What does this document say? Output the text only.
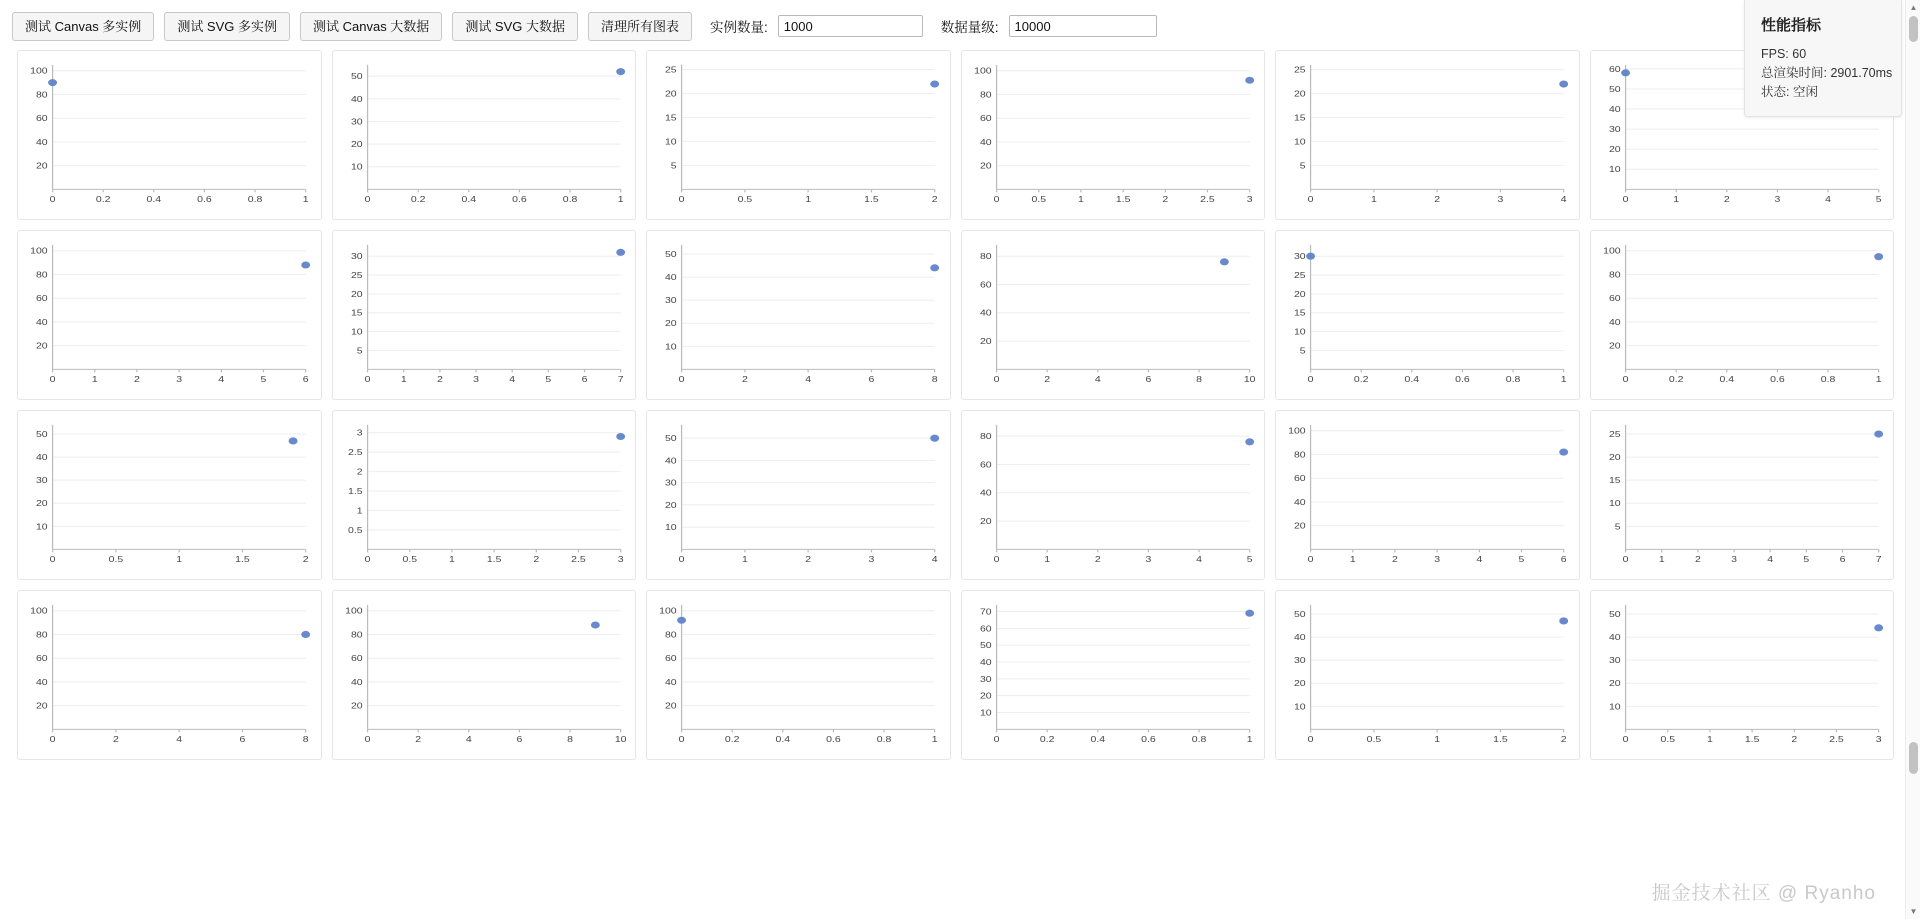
测试 Canvas 多实例	测试 SVG 多实例	测试 Canvas 大数据	测试 SVG 大数据	清理所有图表	实例数量:
1000	数据量级:
10000
20
40
60
80
100
0	0.2	0.4	0.6	0.8	1
10
20
30
40
50
0	0.2	0.4	0.6	0.8	1
5
10
15
20
25
0	0.5	1	1.5	2
20
40
60
80
100
0	0.5	1	1.5	2	2.5	3
5
10
15
20
25
0	1	2	3	4
10
20
30
40
50
60
0	1	2	3	4	5
20
40
60
80
100
0	1	2	3	4	5	6
5
10
15
20
25
30
0	1	2	3	4	5	6	7
10
20
30
40
50
0	2	4	6	8
20
40
60
80
0	2	4	6	8	10
5
10
15
20
25
30
0	0.2	0.4	0.6	0.8	1
20
40
60
80
100
0	0.2	0.4	0.6	0.8	1
10
20
30
40
50
0	0.5	1	1.5	2
0.5
1
1.5
2
2.5
3
0	0.5	1	1.5	2	2.5	3
10
20
30
40
50
0	1	2	3	4
20
40
60
80
0	1	2	3	4	5
20
40
60
80
100
0	1	2	3	4	5	6
5
10
15
20
25
0	1	2	3	4	5	6	7
20
40
60
80
100
0	2	4	6	8
20
40
60
80
100
0	2	4	6	8	10
20
40
60
80
100
0	0.2	0.4	0.6	0.8	1
10
20
30
40
50
60
70
0	0.2	0.4	0.6	0.8	1
10
20
30
40
50
0	0.5	1	1.5	2
10
20
30
40
50
0	0.5	1	1.5	2	2.5	3
性能指标
FPS: 60
总渲染时间: 2901.70ms
状态: 空闲
掘金技术社区 @ Ryanho
▲
▼
